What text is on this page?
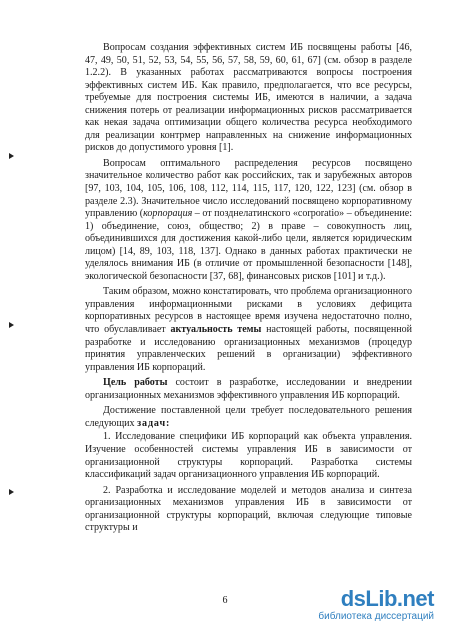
Вопросам создания эффективных систем ИБ посвящены работы [46, 47, 49, 50, 51, 52, 53, 54, 55, 56, 57, 58, 59, 60, 61, 67] (см. обзор в разделе 1.2.2). В указанных работах рассматриваются вопросы построения эффективных систем ИБ. Как правило, предполагается, что все ресурсы, требуемые для построения системы ИБ, имеются в наличии, а задача снижения потерь от реализации информационных рисков рассматривается как некая задача оптимизации общего количества ресурса необходимого для реализации контрмер направленных на снижение информационных рисков до допустимого уровня [1].

Вопросам оптимального распределения ресурсов посвящено значительное количество работ как российских, так и зарубежных авторов [97, 103, 104, 105, 106, 108, 112, 114, 115, 117, 120, 122, 123] (см. обзор в разделе 2.3). Значительное число исследований посвящено корпоративному управлению (корпорация – от позднелатинского «corporatio» – объединение: 1) объединение, союз, общество; 2) в праве – совокупность лиц, объединившихся для достижения какой-либо цели, является юридическим лицом) [14, 89, 103, 118, 137]. Однако в данных работах практически не уделялось внимания ИБ (в отличие от промышленной безопасности [148], экологической безопасности [37, 68], финансовых рисков [101] и т.д.).

Таким образом, можно констатировать, что проблема организационного управления информационными рисками в условиях дефицита корпоративных ресурсов в настоящее время изучена недостаточно полно, что обуславливает актуальность темы настоящей работы, посвященной разработке и исследованию организационных механизмов (процедур принятия управленческих решений в организации) эффективного управления ИБ корпораций.

Цель работы состоит в разработке, исследовании и внедрении организационных механизмов эффективного управления ИБ корпораций.

Достижение поставленной цели требует последовательного решения следующих задач:

1. Исследование специфики ИБ корпораций как объекта управления. Изучение особенностей системы управления ИБ в зависимости от организационной структуры корпораций. Разработка системы классификаций задач организационного управления ИБ корпораций.

2. Разработка и исследование моделей и методов анализа и синтеза организационных механизмов управления ИБ в зависимости от организационной структуры корпораций, включая следующие типовые структуры и

6	dsLib.net
библиотека диссертаций
